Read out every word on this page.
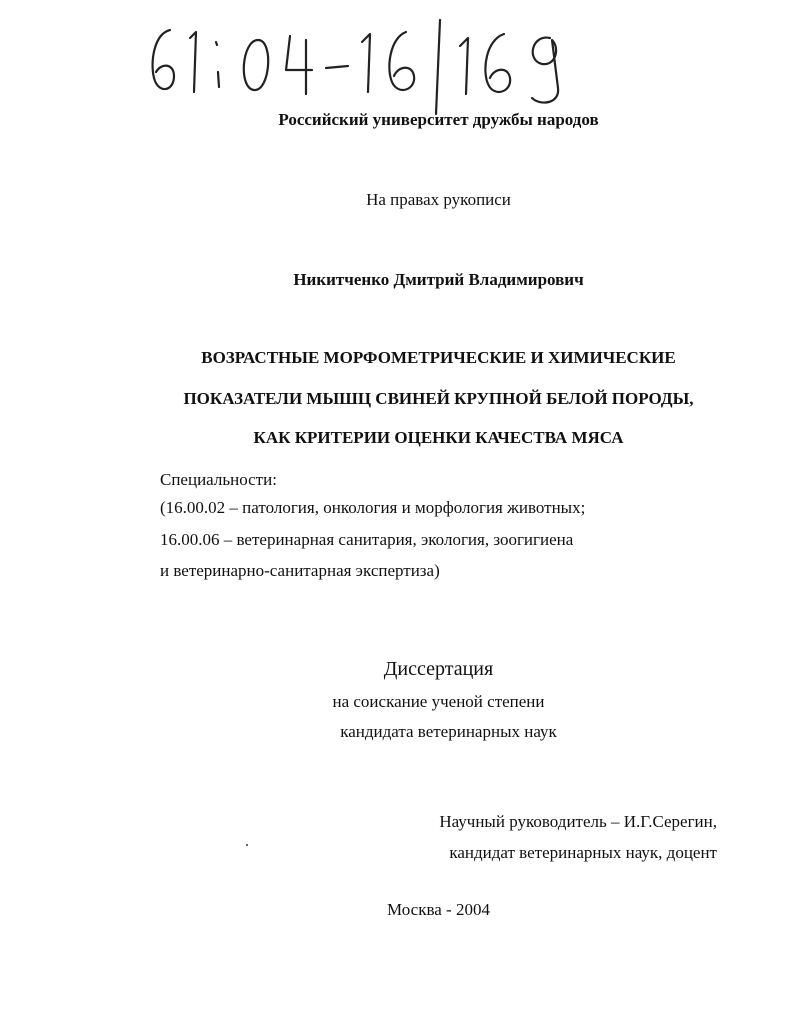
Российский университет дружбы народов
На правах рукописи
Никитченко Дмитрий Владимирович
ВОЗРАСТНЫЕ МОРФОМЕТРИЧЕСКИЕ И ХИМИЧЕСКИЕ
ПОКАЗАТЕЛИ МЫШЦ СВИНЕЙ КРУПНОЙ БЕЛОЙ ПОРОДЫ,
КАК КРИТЕРИИ ОЦЕНКИ КАЧЕСТВА МЯСА
Специальности:
(16.00.02 – патология, онкология и морфология животных;
16.00.06 – ветеринарная санитария, экология, зоогигиена
и ветеринарно-санитарная экспертиза)
Диссертация
на соискание ученой степени
кандидата ветеринарных наук
Научный руководитель – И.Г.Серегин,
кандидат ветеринарных наук, доцент
Москва - 2004
